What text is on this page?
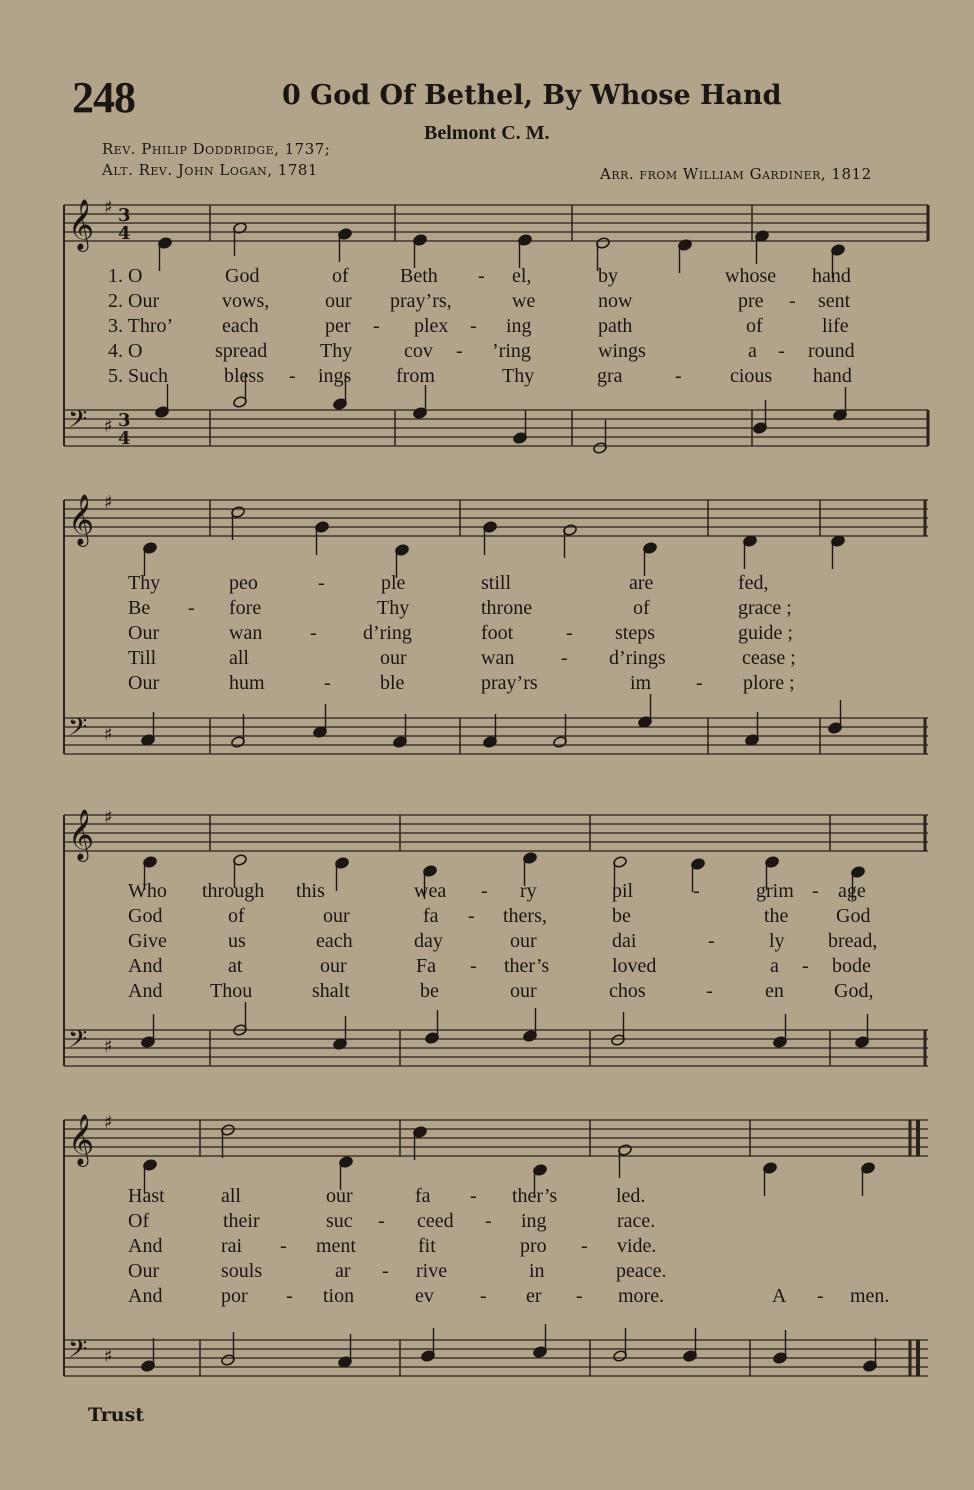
248	0 God Of Bethel, By Whose Hand
Belmont C. M.
Rev. Philip Doddridge, 1737;
Alt. Rev. John Logan, 1781	Arr. from William Gardiner, 1812
𝄞 ♯ 3
4
𝄢 ♯ 3
4
1. O	God	of	Beth - el,	by	whose hand
2. Our	vows,	our pray’rs,	we	now	pre - sent
3. Thro’ each	per - plex - ing	path	of	life
4. O	spread	Thy	cov - ’ring	wings	a - round
5. Such	bless - ings from	Thy	gra	- cious hand
𝄞 ♯
𝄢 ♯
Thy	peo	-	ple	still	are	fed,
Be - fore	Thy	throne	of	grace ;
Our	wan - d’ring	foot	- steps	guide ;
Till	all	our	wan - d’rings	cease ;
Our	hum	- ble	pray’rs	im - plore ;
𝄞 ♯
𝄢 ♯
Who through this	wea - ry	pil	-	grim - age
God	of	our	fa - thers,	be	the God
Give	us	each	day	our	dai	-	ly bread,
And	at	our	Fa - ther’s	loved	a - bode
And Thou	shalt	be	our	chos	-	en	God,
𝄞 ♯
𝄢 ♯
Hast	all	our	fa - ther’s	led.
Of	their	suc - ceed - ing	race.
And	rai - ment	fit	pro - vide.
Our	souls	ar - rive	in	peace.
And	por - tion	ev - er - more.	A - men.
Trust
